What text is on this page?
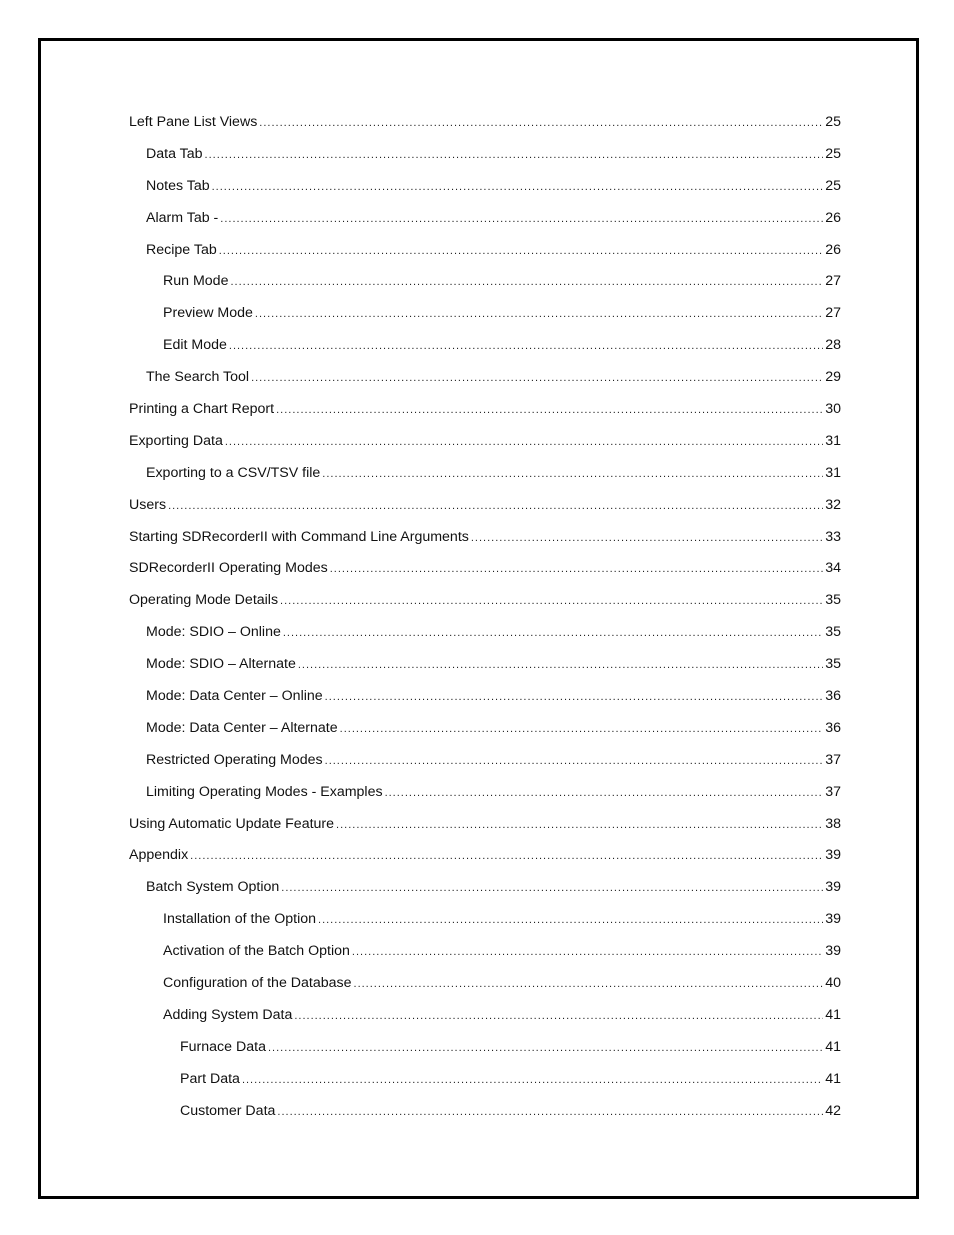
Left Pane List Views .....	25
Data Tab .....	25
Notes Tab .....	25
Alarm Tab - .....	26
Recipe Tab .....	26
Run Mode .....	27
Preview Mode .....	27
Edit Mode .....	28
The Search Tool .....	29
Printing a Chart Report .....	30
Exporting Data .....	31
Exporting to a CSV/TSV file .....	31
Users .....	32
Starting SDRecorderII with Command Line Arguments .....	33
SDRecorderII Operating Modes .....	34
Operating Mode Details .....	35
Mode: SDIO – Online .....	35
Mode: SDIO – Alternate .....	35
Mode: Data Center – Online .....	36
Mode: Data Center – Alternate .....	36
Restricted Operating Modes .....	37
Limiting Operating Modes - Examples .....	37
Using Automatic Update Feature .....	38
Appendix .....	39
Batch System Option .....	39
Installation of the Option .....	39
Activation of the Batch Option .....	39
Configuration of the Database .....	40
Adding System Data .....	41
Furnace Data .....	41
Part Data .....	41
Customer Data .....	42
